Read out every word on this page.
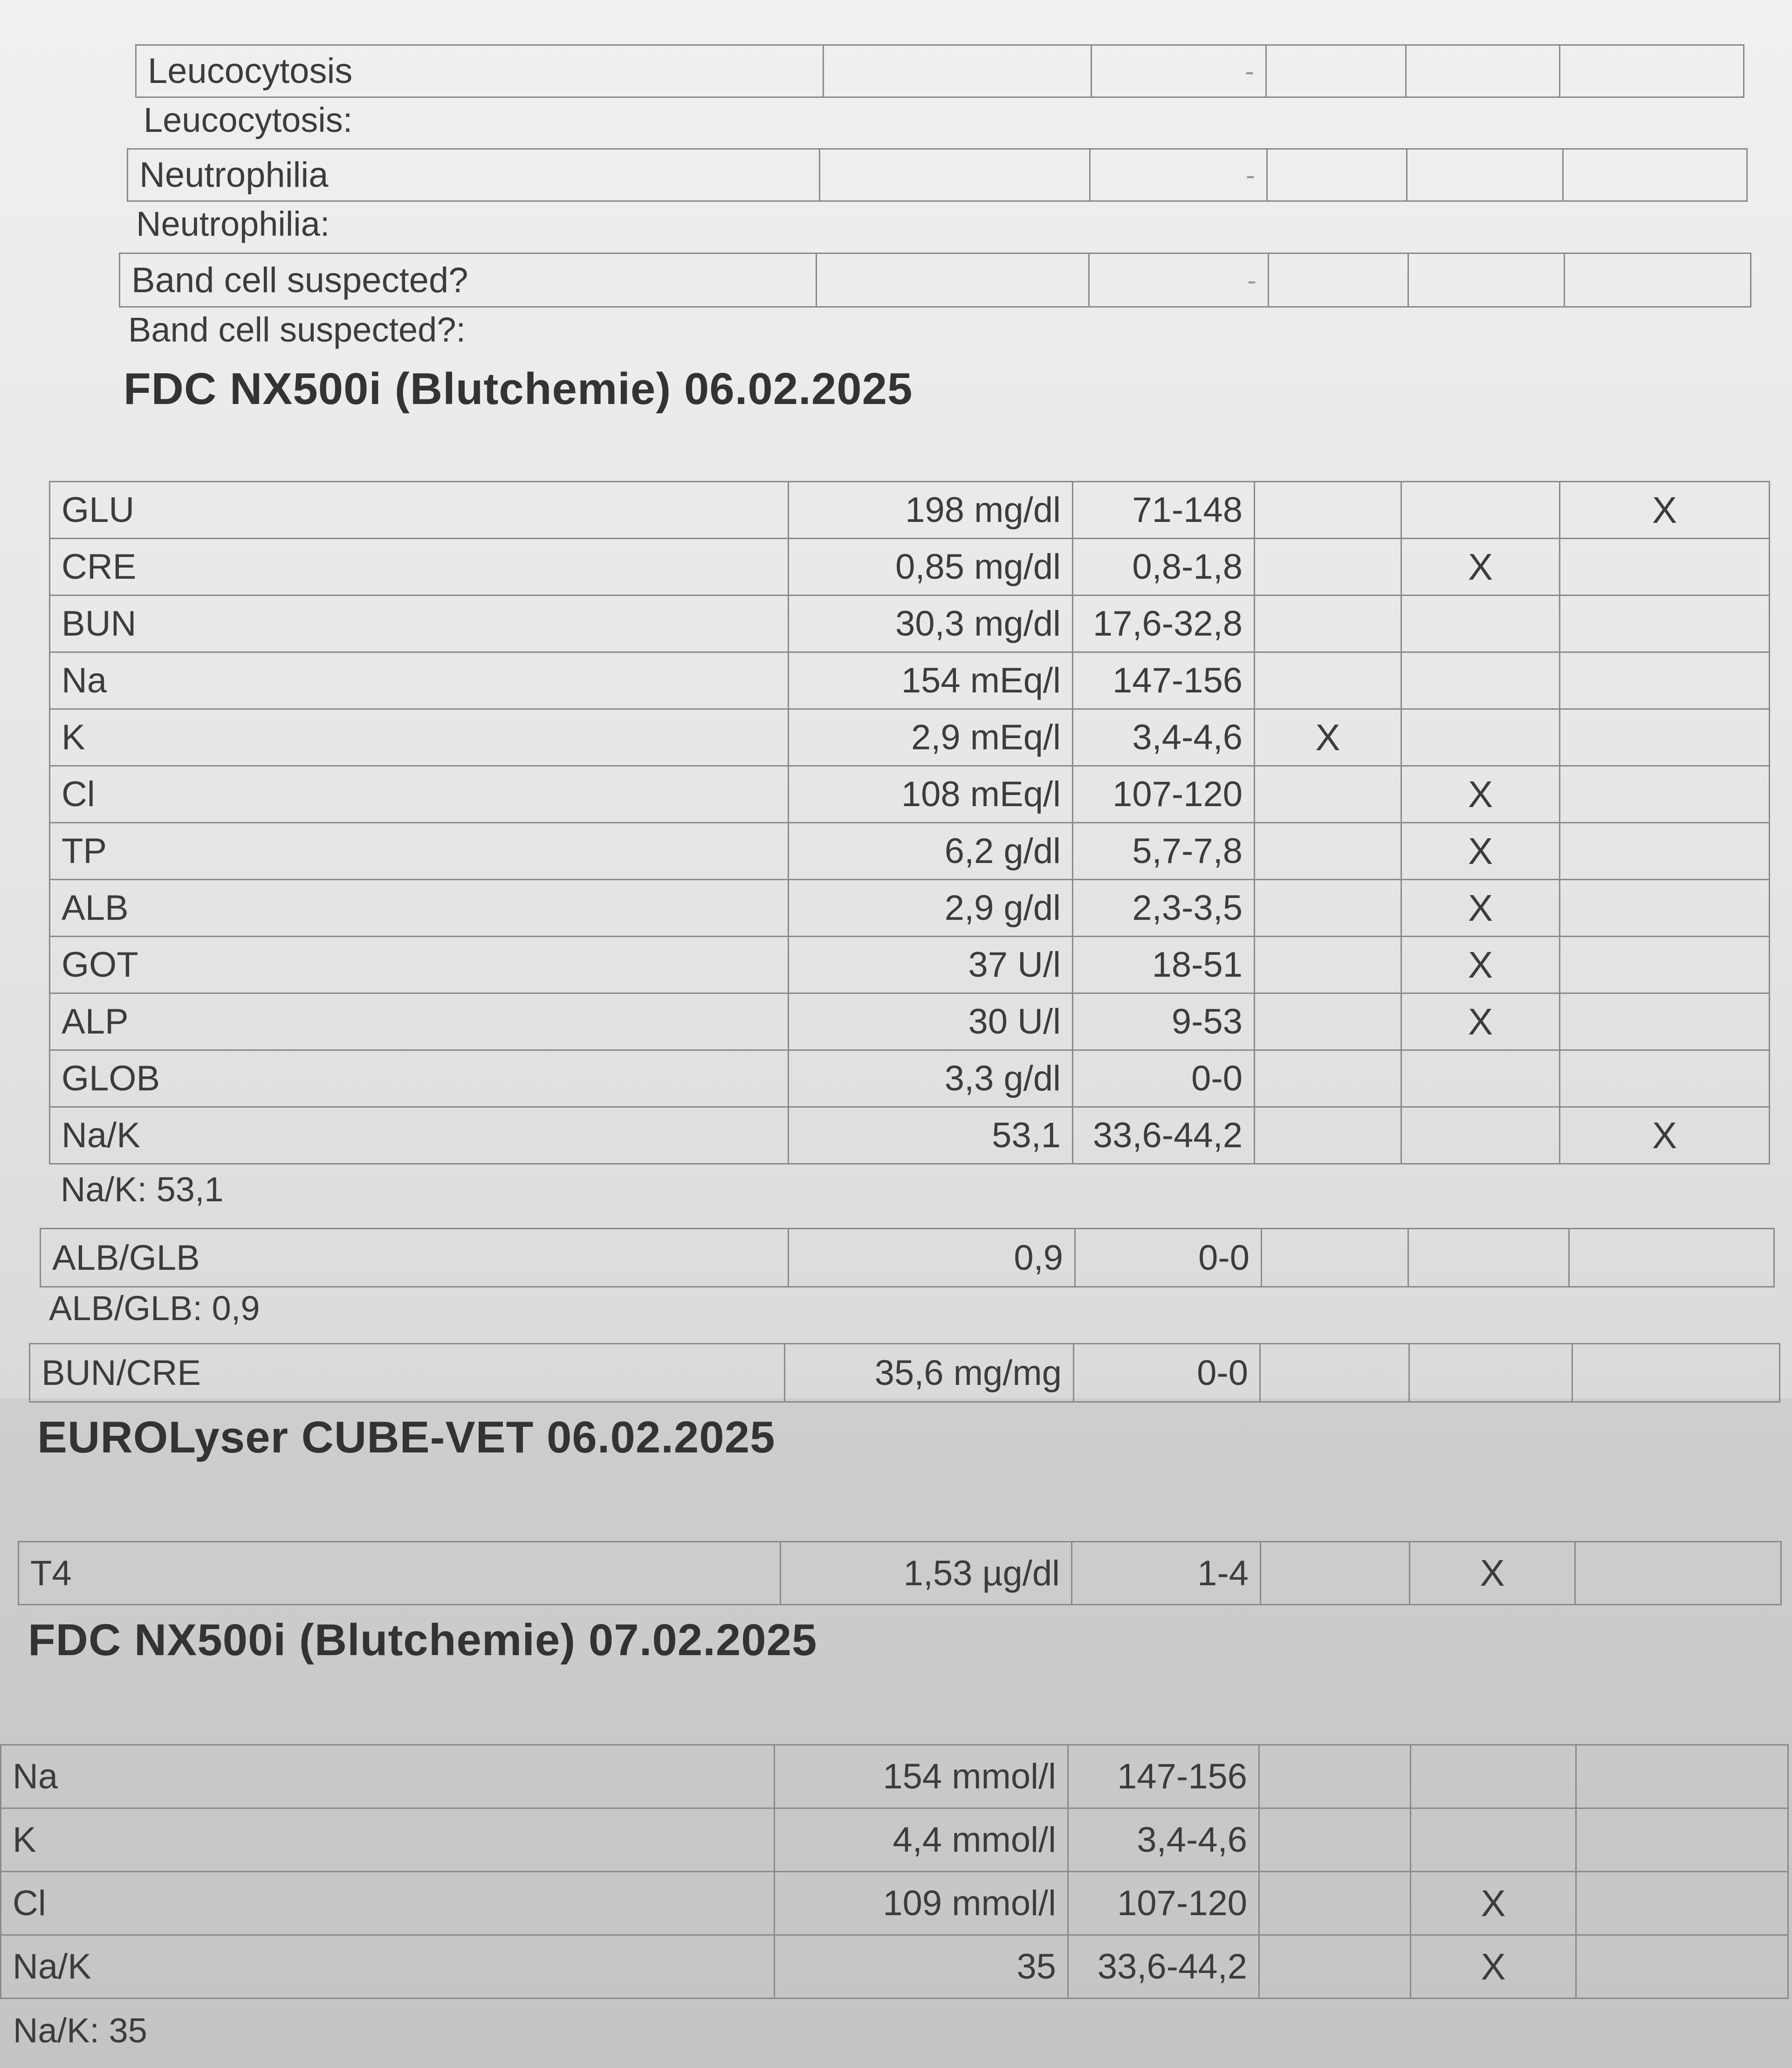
Leucocytosis		-			
Leucocytosis:
Neutrophilia		-			
Neutrophilia:
Band cell suspected?		-			
Band cell suspected?:
FDC NX500i (Blutchemie) 06.02.2025
GLU	198 mg/dl	71-148			X
CRE	0,85 mg/dl	0,8-1,8		X	
BUN	30,3 mg/dl	17,6-32,8			
Na	154 mEq/l	147-156			
K	2,9 mEq/l	3,4-4,6	X		
Cl	108 mEq/l	107-120		X	
TP	6,2 g/dl	5,7-7,8		X	
ALB	2,9 g/dl	2,3-3,5		X	
GOT	37 U/l	18-51		X	
ALP	30 U/l	9-53		X	
GLOB	3,3 g/dl	0-0			
Na/K	53,1	33,6-44,2			X
Na/K: 53,1
ALB/GLB	0,9	0-0			
ALB/GLB: 0,9
BUN/CRE	35,6 mg/mg	0-0			
EUROLyser CUBE-VET 06.02.2025
T4	1,53 µg/dl	1-4		X	
FDC NX500i (Blutchemie) 07.02.2025
Na	154 mmol/l	147-156			
K	4,4 mmol/l	3,4-4,6			
Cl	109 mmol/l	107-120		X	
Na/K	35	33,6-44,2		X	
Na/K: 35
